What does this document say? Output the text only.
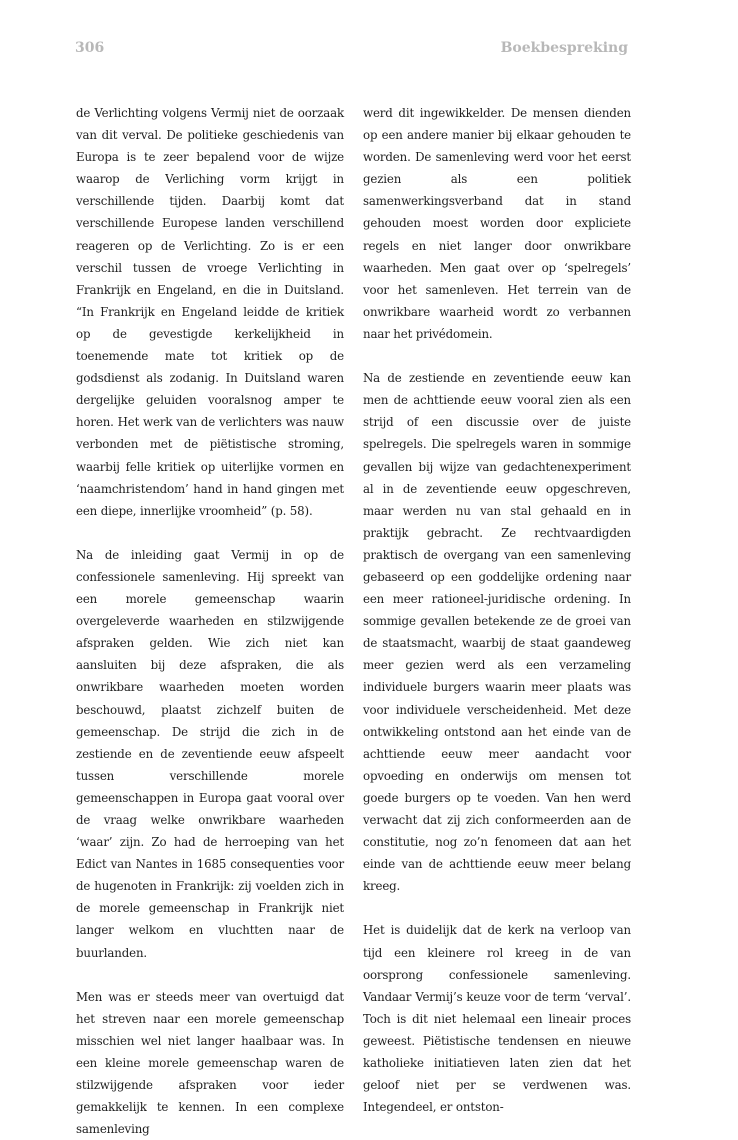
306	Boekbespreking

de Verlichting volgens Vermij niet de oorzaak van dit verval. De politieke geschiedenis van Europa is te zeer bepalend voor de wijze waarop de Verliching vorm krijgt in verschillende tijden. Daarbij komt dat verschillende Europese landen verschillend reageren op de Verlichting. Zo is er een verschil tussen de vroege Verlichting in Frankrijk en Engeland, en die in Duitsland. “In Frankrijk en Engeland leidde de kritiek op de gevestigde kerkelijkheid in toenemende mate tot kritiek op de godsdienst als zodanig. In Duitsland waren dergelijke geluiden vooralsnog amper te horen. Het werk van de verlichters was nauw verbonden met de piëtistische stroming, waarbij felle kritiek op uiterlijke vormen en ‘naamchristendom’ hand in hand gingen met een diepe, innerlijke vroomheid” (p. 58).

Na de inleiding gaat Vermij in op de confessionele samenleving. Hij spreekt van een morele gemeenschap waarin overgeleverde waarheden en stilzwijgende afspraken gelden. Wie zich niet kan aansluiten bij deze afspraken, die als onwrikbare waarheden moeten worden beschouwd, plaatst zichzelf buiten de gemeenschap. De strijd die zich in de zestiende en de zeventiende eeuw afspeelt tussen verschillende morele gemeenschappen in Europa gaat vooral over de vraag welke onwrikbare waarheden ‘waar’ zijn. Zo had de herroeping van het Edict van Nantes in 1685 consequenties voor de hugenoten in Frankrijk: zij voelden zich in de morele gemeenschap in Frankrijk niet langer welkom en vluchtten naar de buurlanden.

Men was er steeds meer van overtuigd dat het streven naar een morele gemeenschap misschien wel niet langer haalbaar was. In een kleine morele gemeenschap waren de stilzwijgende afspraken voor ieder gemakkelijk te kennen. In een complexe samenleving

werd dit ingewikkelder. De mensen dienden op een andere manier bij elkaar gehouden te worden. De samenleving werd voor het eerst gezien als een politiek samenwerkingsverband dat in stand gehouden moest worden door expliciete regels en niet langer door onwrikbare waarheden. Men gaat over op ‘spelregels’ voor het samenleven. Het terrein van de onwrikbare waarheid wordt zo verbannen naar het privédomein.

Na de zestiende en zeventiende eeuw kan men de achttiende eeuw vooral zien als een strijd of een discussie over de juiste spelregels. Die spelregels waren in sommige gevallen bij wijze van gedachtenexperiment al in de zeventiende eeuw opgeschreven, maar werden nu van stal gehaald en in praktijk gebracht. Ze rechtvaardigden praktisch de overgang van een samenleving gebaseerd op een goddelijke ordening naar een meer rationeel-juridische ordening. In sommige gevallen betekende ze de groei van de staatsmacht, waarbij de staat gaandeweg meer gezien werd als een verzameling individuele burgers waarin meer plaats was voor individuele verscheidenheid. Met deze ontwikkeling ontstond aan het einde van de achttiende eeuw meer aandacht voor opvoeding en onderwijs om mensen tot goede burgers op te voeden. Van hen werd verwacht dat zij zich conformeerden aan de constitutie, nog zo’n fenomeen dat aan het einde van de achttiende eeuw meer belang kreeg.

Het is duidelijk dat de kerk na verloop van tijd een kleinere rol kreeg in de van oorsprong confessionele samenleving. Vandaar Vermij’s keuze voor de term ‘verval’. Toch is dit niet helemaal een lineair proces geweest. Piëtistische tendensen en nieuwe katholieke initiatieven laten zien dat het geloof niet per se verdwenen was. Integendeel, er ontston-
